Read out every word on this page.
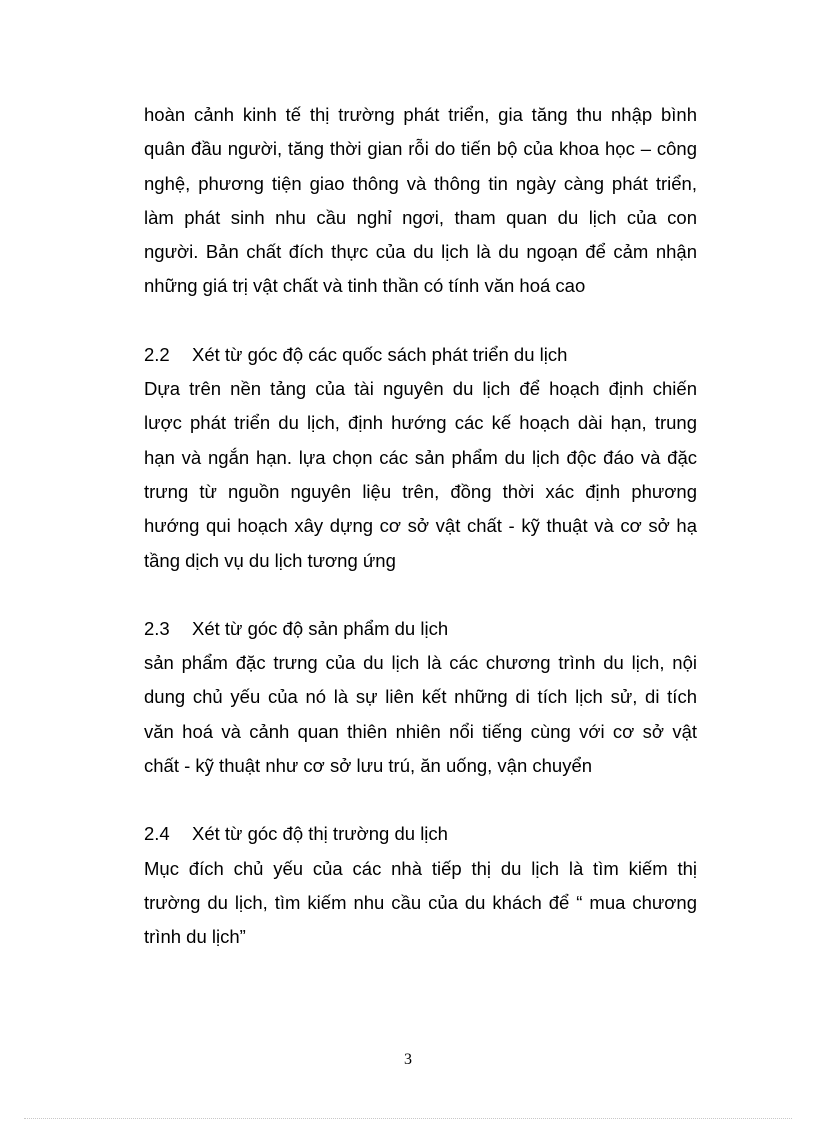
hoàn cảnh kinh tế thị trường phát triển, gia tăng thu nhập bình
quân đầu người, tăng thời gian rỗi do tiến bộ của khoa học – công
nghệ, phương tiện giao thông và thông tin ngày càng phát triển,
làm phát sinh nhu cầu nghỉ ngơi, tham quan du lịch của con
người. Bản chất đích thực của du lịch là du ngoạn để cảm nhận
những giá trị vật chất và tinh thần có tính văn hoá cao

2.2 Xét từ góc độ các quốc sách phát triển du lịch

Dựa trên nền tảng của tài nguyên du lịch để hoạch định chiến
lược phát triển du lịch, định hướng các kế hoạch dài hạn, trung
hạn và ngắn hạn. lựa chọn các sản phẩm du lịch độc đáo và đặc
trưng từ nguồn nguyên liệu trên, đồng thời xác định phương
hướng qui hoạch xây dựng cơ sở vật chất - kỹ thuật và cơ sở hạ
tầng dịch vụ du lịch tương ứng

2.3 Xét từ góc độ sản phẩm du lịch

sản phẩm đặc trưng của du lịch là các chương trình du lịch, nội
dung chủ yếu của nó là sự liên kết những di tích lịch sử, di tích
văn hoá và cảnh quan thiên nhiên nổi tiếng cùng với cơ sở vật
chất - kỹ thuật như cơ sở lưu trú, ăn uống, vận chuyển

2.4 Xét từ góc độ thị trường du lịch

Mục đích chủ yếu của các nhà tiếp thị du lịch là tìm kiếm thị
trường du lịch, tìm kiếm nhu cầu của du khách để “ mua chương
trình du lịch”

3
